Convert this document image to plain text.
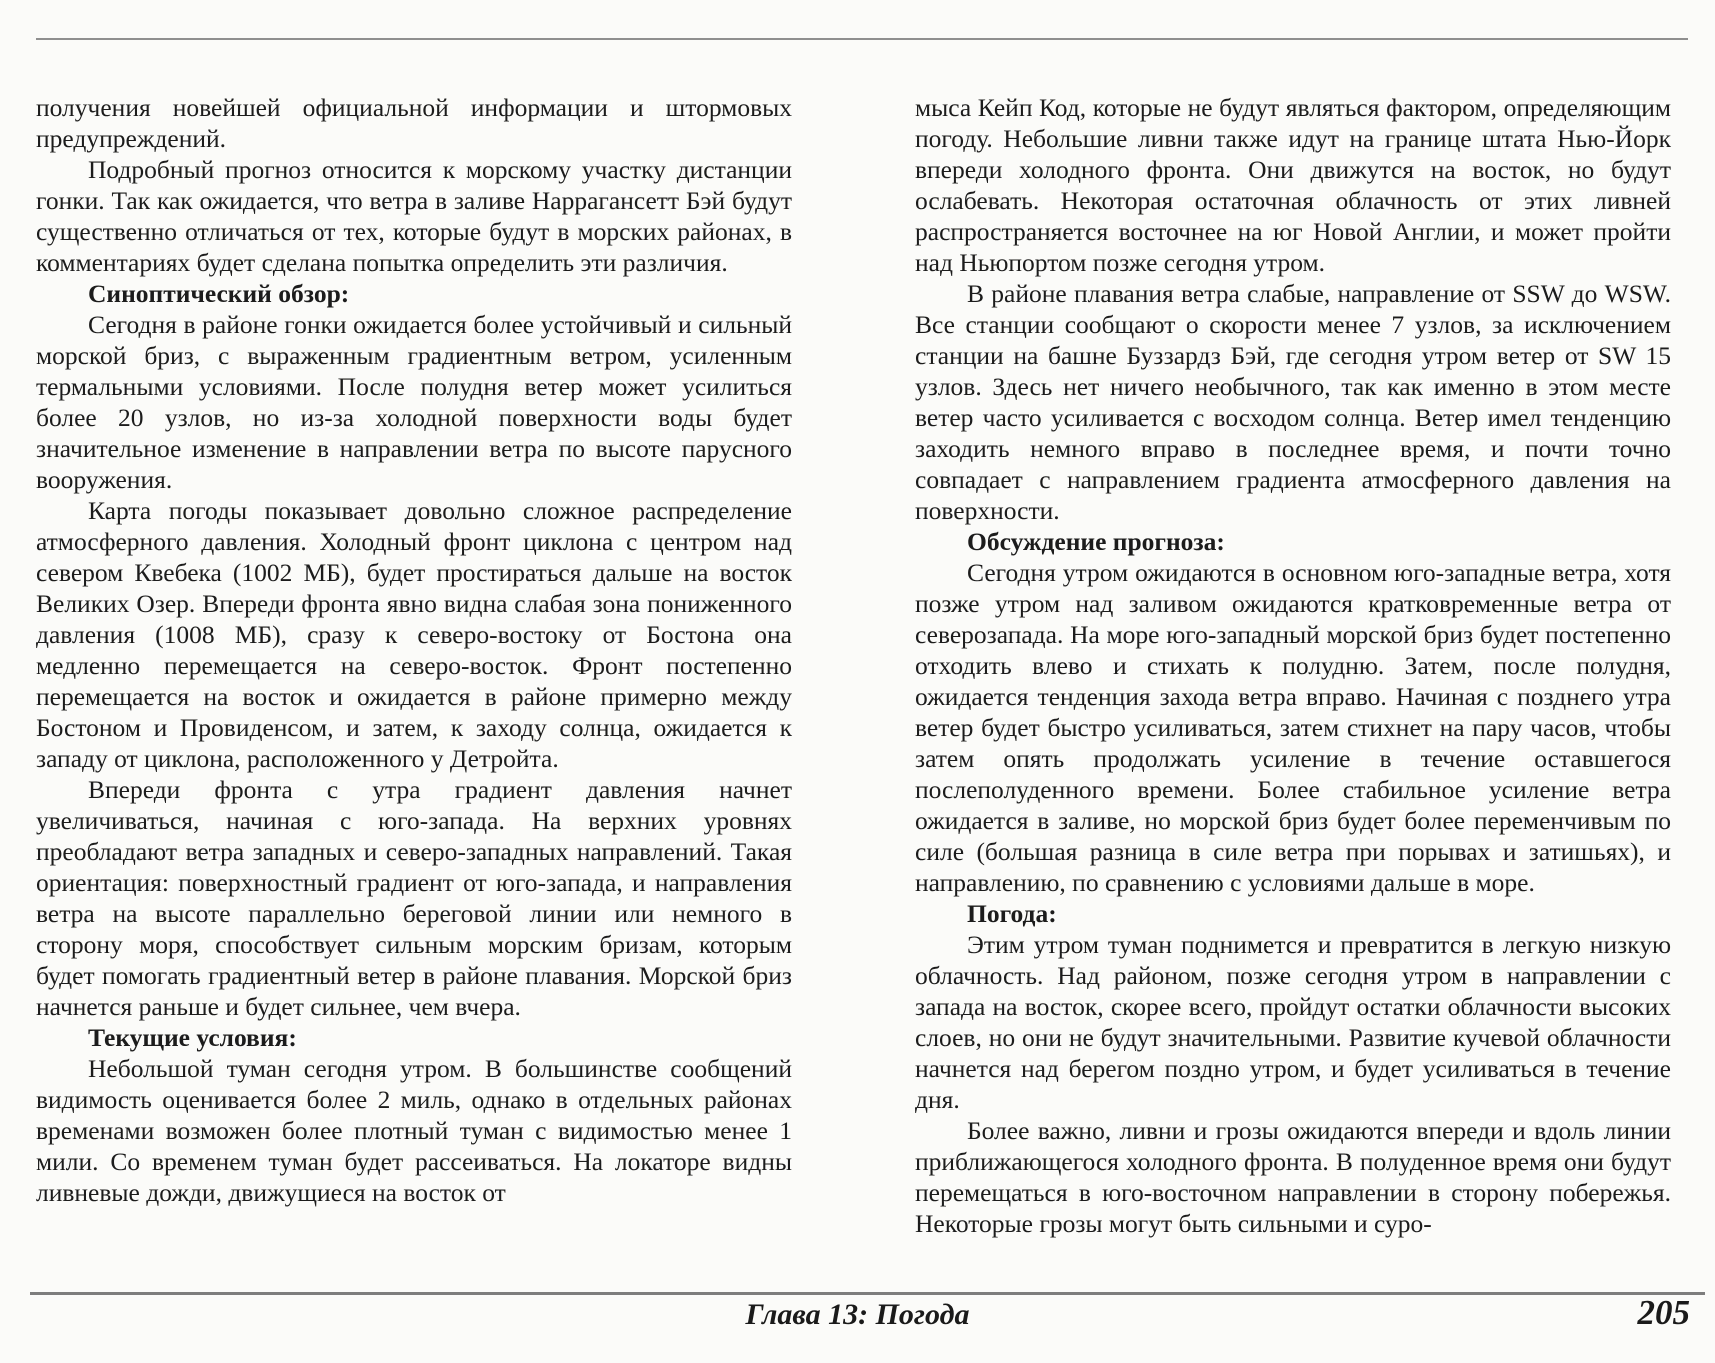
получения новейшей официальной информации и штормовых предупреждений.

Подробный прогноз относится к морскому участку дистанции гонки. Так как ожидается, что ветра в заливе Наррагансетт Бэй будут существенно отличаться от тех, которые будут в морских районах, в комментариях будет сделана попытка определить эти различия.

Синоптический обзор:

Сегодня в районе гонки ожидается более устойчивый и сильный морской бриз, с выраженным градиентным ветром, усиленным термальными условиями. После полудня ветер может усилиться более 20 узлов, но из-за холодной поверхности воды будет значительное изменение в направлении ветра по высоте парусного вооружения.

Карта погоды показывает довольно сложное распределение атмосферного давления. Холодный фронт циклона с центром над севером Квебека (1002 МБ), будет простираться дальше на восток Великих Озер. Впереди фронта явно видна слабая зона пониженного давления (1008 МБ), сразу к северо-востоку от Бостона она медленно перемещается на северо-восток. Фронт постепенно перемещается на восток и ожидается в районе примерно между Бостоном и Провиденсом, и затем, к заходу солнца, ожидается к западу от циклона, расположенного у Детройта.

Впереди фронта с утра градиент давления начнет увеличиваться, начиная с юго-запада. На верхних уровнях преобладают ветра западных и северо-западных направлений. Такая ориентация: поверхностный градиент от юго-запада, и направления ветра на высоте параллельно береговой линии или немного в сторону моря, способствует сильным морским бризам, которым будет помогать градиентный ветер в районе плавания. Морской бриз начнется раньше и будет сильнее, чем вчера.

Текущие условия:

Небольшой туман сегодня утром. В большинстве сообщений видимость оценивается более 2 миль, однако в отдельных районах временами возможен более плотный туман с видимостью менее 1 мили. Со временем туман будет рассеиваться. На локаторе видны ливневые дожди, движущиеся на восток от

мыса Кейп Код, которые не будут являться фактором, определяющим погоду. Небольшие ливни также идут на границе штата Нью-Йорк впереди холодного фронта. Они движутся на восток, но будут ослабевать. Некоторая остаточная облачность от этих ливней распространяется восточнее на юг Новой Англии, и может пройти над Ньюпортом позже сегодня утром.

В районе плавания ветра слабые, направление от SSW до WSW. Все станции сообщают о скорости менее 7 узлов, за исключением станции на башне Буззардз Бэй, где сегодня утром ветер от SW 15 узлов. Здесь нет ничего необычного, так как именно в этом месте ветер часто усиливается с восходом солнца. Ветер имел тенденцию заходить немного вправо в последнее время, и почти точно совпадает с направлением градиента атмосферного давления на поверхности.

Обсуждение прогноза:

Сегодня утром ожидаются в основном юго-западные ветра, хотя позже утром над заливом ожидаются кратковременные ветра от северозапада. На море юго-западный морской бриз будет постепенно отходить влево и стихать к полудню. Затем, после полудня, ожидается тенденция захода ветра вправо. Начиная с позднего утра ветер будет быстро усиливаться, затем стихнет на пару часов, чтобы затем опять продолжать усиление в течение оставшегося послеполуденного времени. Более стабильное усиление ветра ожидается в заливе, но морской бриз будет более переменчивым по силе (большая разница в силе ветра при порывах и затишьях), и направлению, по сравнению с условиями дальше в море.

Погода:

Этим утром туман поднимется и превратится в легкую низкую облачность. Над районом, позже сегодня утром в направлении с запада на восток, скорее всего, пройдут остатки облачности высоких слоев, но они не будут значительными. Развитие кучевой облачности начнется над берегом поздно утром, и будет усиливаться в течение дня.

Более важно, ливни и грозы ожидаются впереди и вдоль линии приближающегося холодного фронта. В полуденное время они будут перемещаться в юго-восточном направлении в сторону побережья. Некоторые грозы могут быть сильными и суро-

Глава 13: Погода	205
